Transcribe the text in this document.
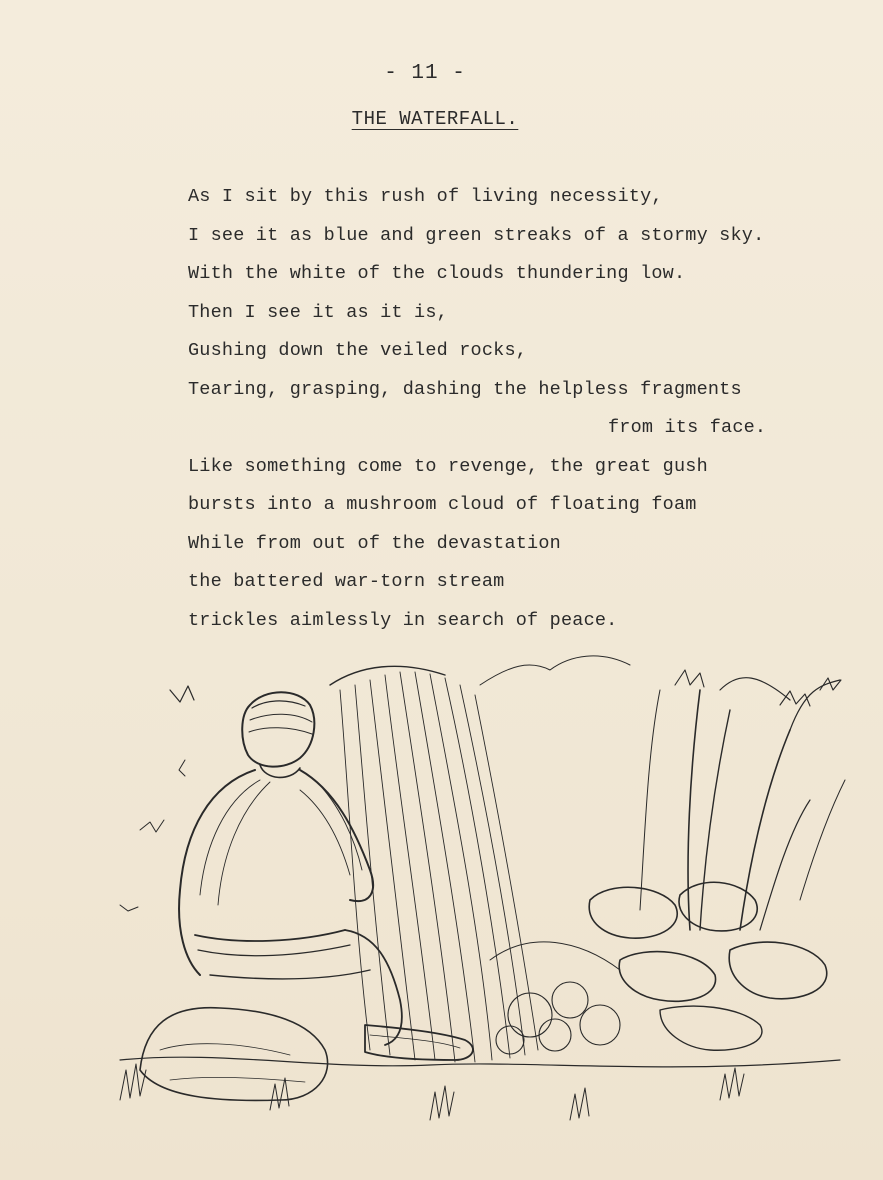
- 11 -
THE WATERFALL.
As I sit by this rush of living necessity,
I see it as blue and green streaks of a stormy sky.
With the white of the clouds thundering low.
Then I see it as it is,
Gushing down the veiled rocks,
Tearing, grasping, dashing the helpless fragments
from its face.
Like something come to revenge, the great gush
bursts into a mushroom cloud of floating foam
While from out of the devastation
the battered war-torn stream
trickles aimlessly in search of peace.
